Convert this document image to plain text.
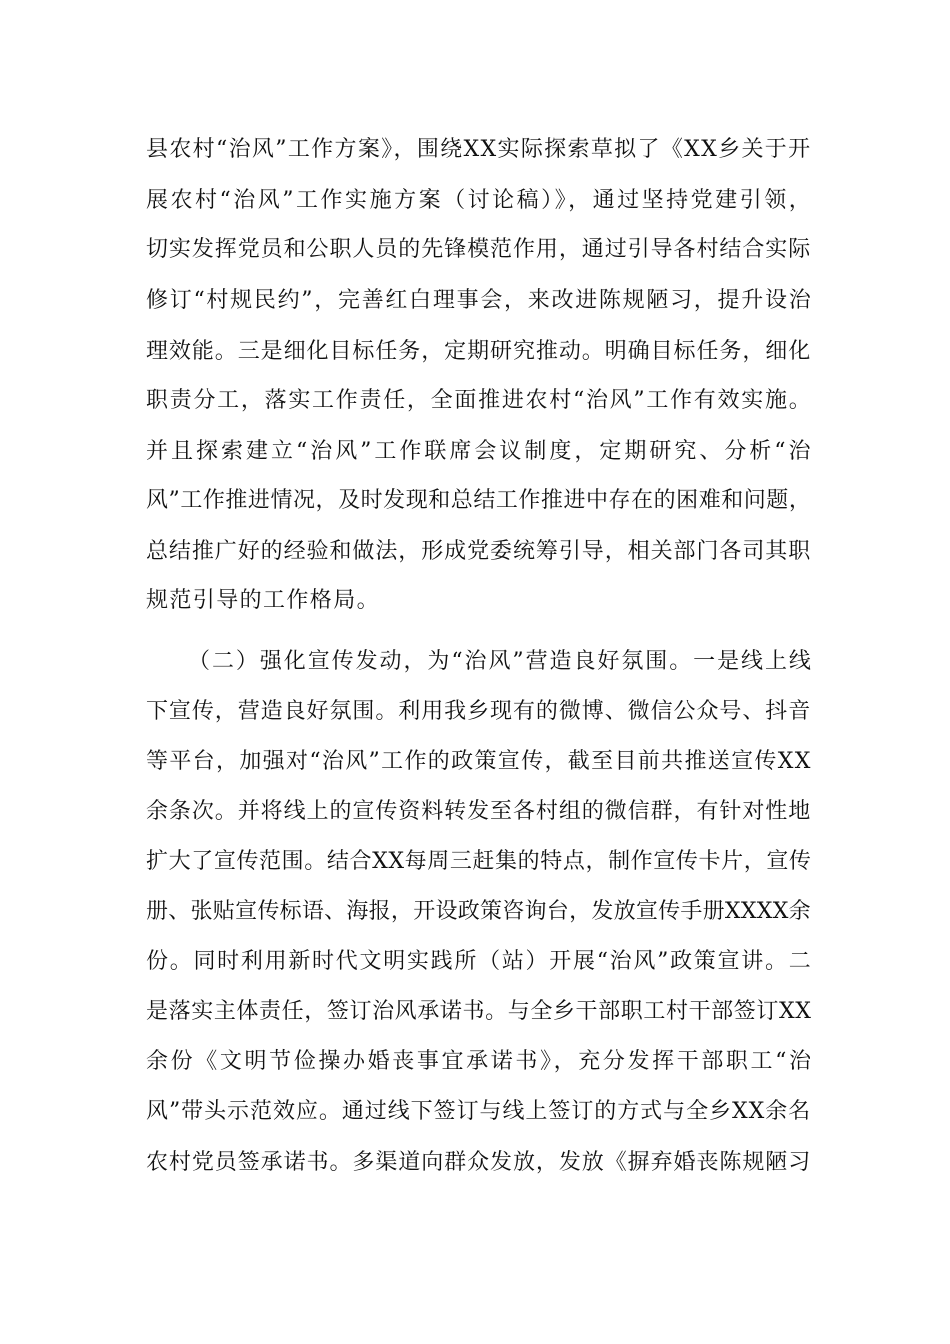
县农村“治风”工作方案》，围绕XX实际探索草拟了《XX乡关于开
展农村“治风”工作实施方案（讨论稿）》，通过坚持党建引领，
切实发挥党员和公职人员的先锋模范作用，通过引导各村结合实际
修订“村规民约”，完善红白理事会，来改进陈规陋习，提升设治
理效能。三是细化目标任务，定期研究推动。明确目标任务，细化
职责分工，落实工作责任，全面推进农村“治风”工作有效实施。
并且探索建立“治风”工作联席会议制度，定期研究、分析“治
风”工作推进情况，及时发现和总结工作推进中存在的困难和问题，
总结推广好的经验和做法，形成党委统筹引导，相关部门各司其职
规范引导的工作格局。
（二）强化宣传发动，为“治风”营造良好氛围。一是线上线
下宣传，营造良好氛围。利用我乡现有的微博、微信公众号、抖音
等平台，加强对“治风”工作的政策宣传，截至目前共推送宣传XX
余条次。并将线上的宣传资料转发至各村组的微信群，有针对性地
扩大了宣传范围。结合XX每周三赶集的特点，制作宣传卡片，宣传
册、张贴宣传标语、海报，开设政策咨询台，发放宣传手册XXXX余
份。同时利用新时代文明实践所（站）开展“治风”政策宣讲。二
是落实主体责任，签订治风承诺书。与全乡干部职工村干部签订XX
余份《文明节俭操办婚丧事宜承诺书》，充分发挥干部职工“治
风”带头示范效应。通过线下签订与线上签订的方式与全乡XX余名
农村党员签承诺书。多渠道向群众发放，发放《摒弃婚丧陈规陋习
